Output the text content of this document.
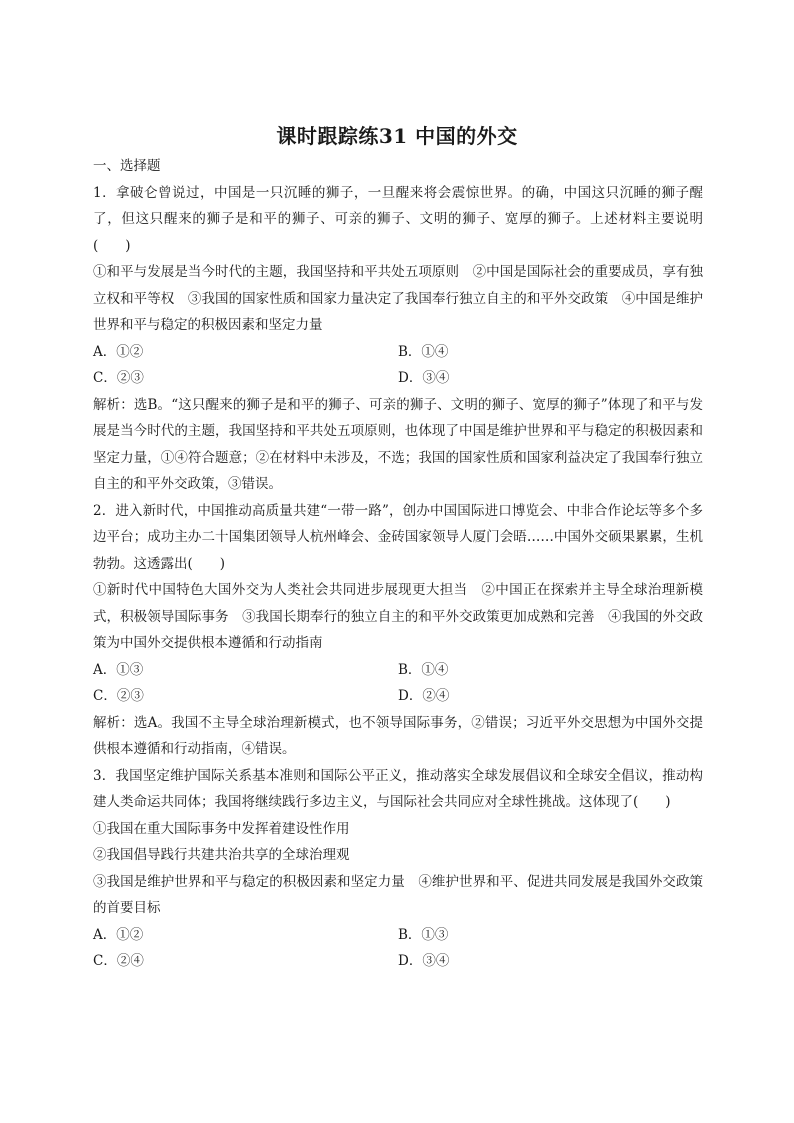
课时跟踪练31 中国的外交

一、选择题

1．拿破仑曾说过，中国是一只沉睡的狮子，一旦醒来将会震惊世界。的确，中国这只沉睡的狮子醒了，但这只醒来的狮子是和平的狮子、可亲的狮子、文明的狮子、宽厚的狮子。上述材料主要说明(　　)

①和平与发展是当今时代的主题，我国坚持和平共处五项原则　②中国是国际社会的重要成员，享有独立权和平等权　③我国的国家性质和国家力量决定了我国奉行独立自主的和平外交政策　④中国是维护世界和平与稳定的积极因素和坚定力量

A．①②	B．①④
C．②③	D．③④

解析：选B。“这只醒来的狮子是和平的狮子、可亲的狮子、文明的狮子、宽厚的狮子”体现了和平与发展是当今时代的主题，我国坚持和平共处五项原则，也体现了中国是维护世界和平与稳定的积极因素和坚定力量，①④符合题意；②在材料中未涉及，不选；我国的国家性质和国家利益决定了我国奉行独立自主的和平外交政策，③错误。

2．进入新时代，中国推动高质量共建“一带一路”，创办中国国际进口博览会、中非合作论坛等多个多边平台；成功主办二十国集团领导人杭州峰会、金砖国家领导人厦门会晤……中国外交硕果累累，生机勃勃。这透露出(　　)

①新时代中国特色大国外交为人类社会共同进步展现更大担当　②中国正在探索并主导全球治理新模式，积极领导国际事务　③我国长期奉行的独立自主的和平外交政策更加成熟和完善　④我国的外交政策为中国外交提供根本遵循和行动指南

A．①③	B．①④
C．②③	D．②④

解析：选A。我国不主导全球治理新模式，也不领导国际事务，②错误；习近平外交思想为中国外交提供根本遵循和行动指南，④错误。

3．我国坚定维护国际关系基本准则和国际公平正义，推动落实全球发展倡议和全球安全倡议，推动构建人类命运共同体；我国将继续践行多边主义，与国际社会共同应对全球性挑战。这体现了(　　)

①我国在重大国际事务中发挥着建设性作用

②我国倡导践行共建共治共享的全球治理观

③我国是维护世界和平与稳定的积极因素和坚定力量　④维护世界和平、促进共同发展是我国外交政策的首要目标

A．①②	B．①③
C．②④	D．③④
